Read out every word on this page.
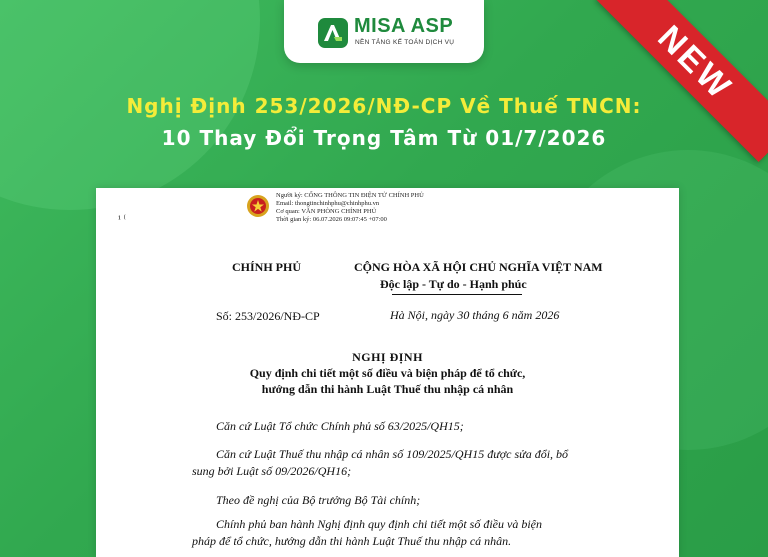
MISA ASP
NỀN TẢNG KẾ TOÁN DỊCH VỤ	NEW
Nghị Định 253/2026/NĐ-CP Về Thuế TNCN:
10 Thay Đổi Trọng Tâm Từ 01/7/2026
¹ ⁽
Người ký: CỔNG THÔNG TIN ĐIỆN TỬ CHÍNH PHỦ
Email: thongtinchinhphu@chinhphu.vn
Cơ quan: VĂN PHÒNG CHÍNH PHỦ
Thời gian ký: 06.07.2026 09:07:45 +07:00
CHÍNH PHỦ	CỘNG HÒA XÃ HỘI CHỦ NGHĨA VIỆT NAM
Độc lập - Tự do - Hạnh phúc
Số: 253/2026/NĐ-CP	Hà Nội, ngày 30 tháng 6 năm 2026
NGHỊ ĐỊNH
Quy định chi tiết một số điều và biện pháp để tổ chức,
hướng dẫn thi hành Luật Thuế thu nhập cá nhân
Căn cứ Luật Tổ chức Chính phủ số 63/2025/QH15;
Căn cứ Luật Thuế thu nhập cá nhân số 109/2025/QH15 được sửa đổi, bổ
sung bởi Luật số 09/2026/QH16;
Theo đề nghị của Bộ trưởng Bộ Tài chính;
Chính phủ ban hành Nghị định quy định chi tiết một số điều và biện
pháp để tổ chức, hướng dẫn thi hành Luật Thuế thu nhập cá nhân.
